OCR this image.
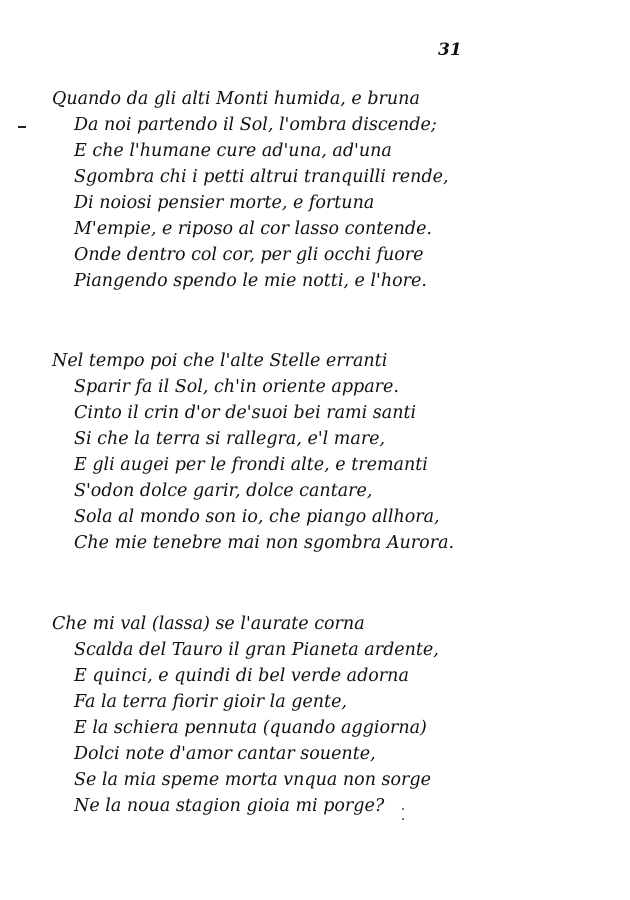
31
Quando da gli alti Monti humida, e bruna
Da noi partendo il Sol, l'ombra discende;
E che l'humane cure ad'una, ad'una
Sgombra chi i petti altrui tranquilli rende,
Di noiosi pensier morte, e fortuna
M'empie, e riposo al cor lasso contende.
Onde dentro col cor, per gli occhi fuore
Piangendo spendo le mie notti, e l'hore.
Nel tempo poi che l'alte Stelle erranti
Sparir fa il Sol, ch'in oriente appare.
Cinto il crin d'or de'suoi bei rami santi
Si che la terra si rallegra, e'l mare,
E gli augei per le frondi alte, e tremanti
S'odon dolce garir, dolce cantare,
Sola al mondo son io, che piango allhora,
Che mie tenebre mai non sgombra Aurora.
Che mi val (lassa) se l'aurate corna
Scalda del Tauro il gran Pianeta ardente,
E quinci, e quindi di bel verde adorna
Fa la terra fiorir gioir la gente,
E la schiera pennuta (quando aggiorna)
Dolci note d'amor cantar souente,
Se la mia speme morta vnqua non sorge
Ne la noua stagion gioia mi porge?
